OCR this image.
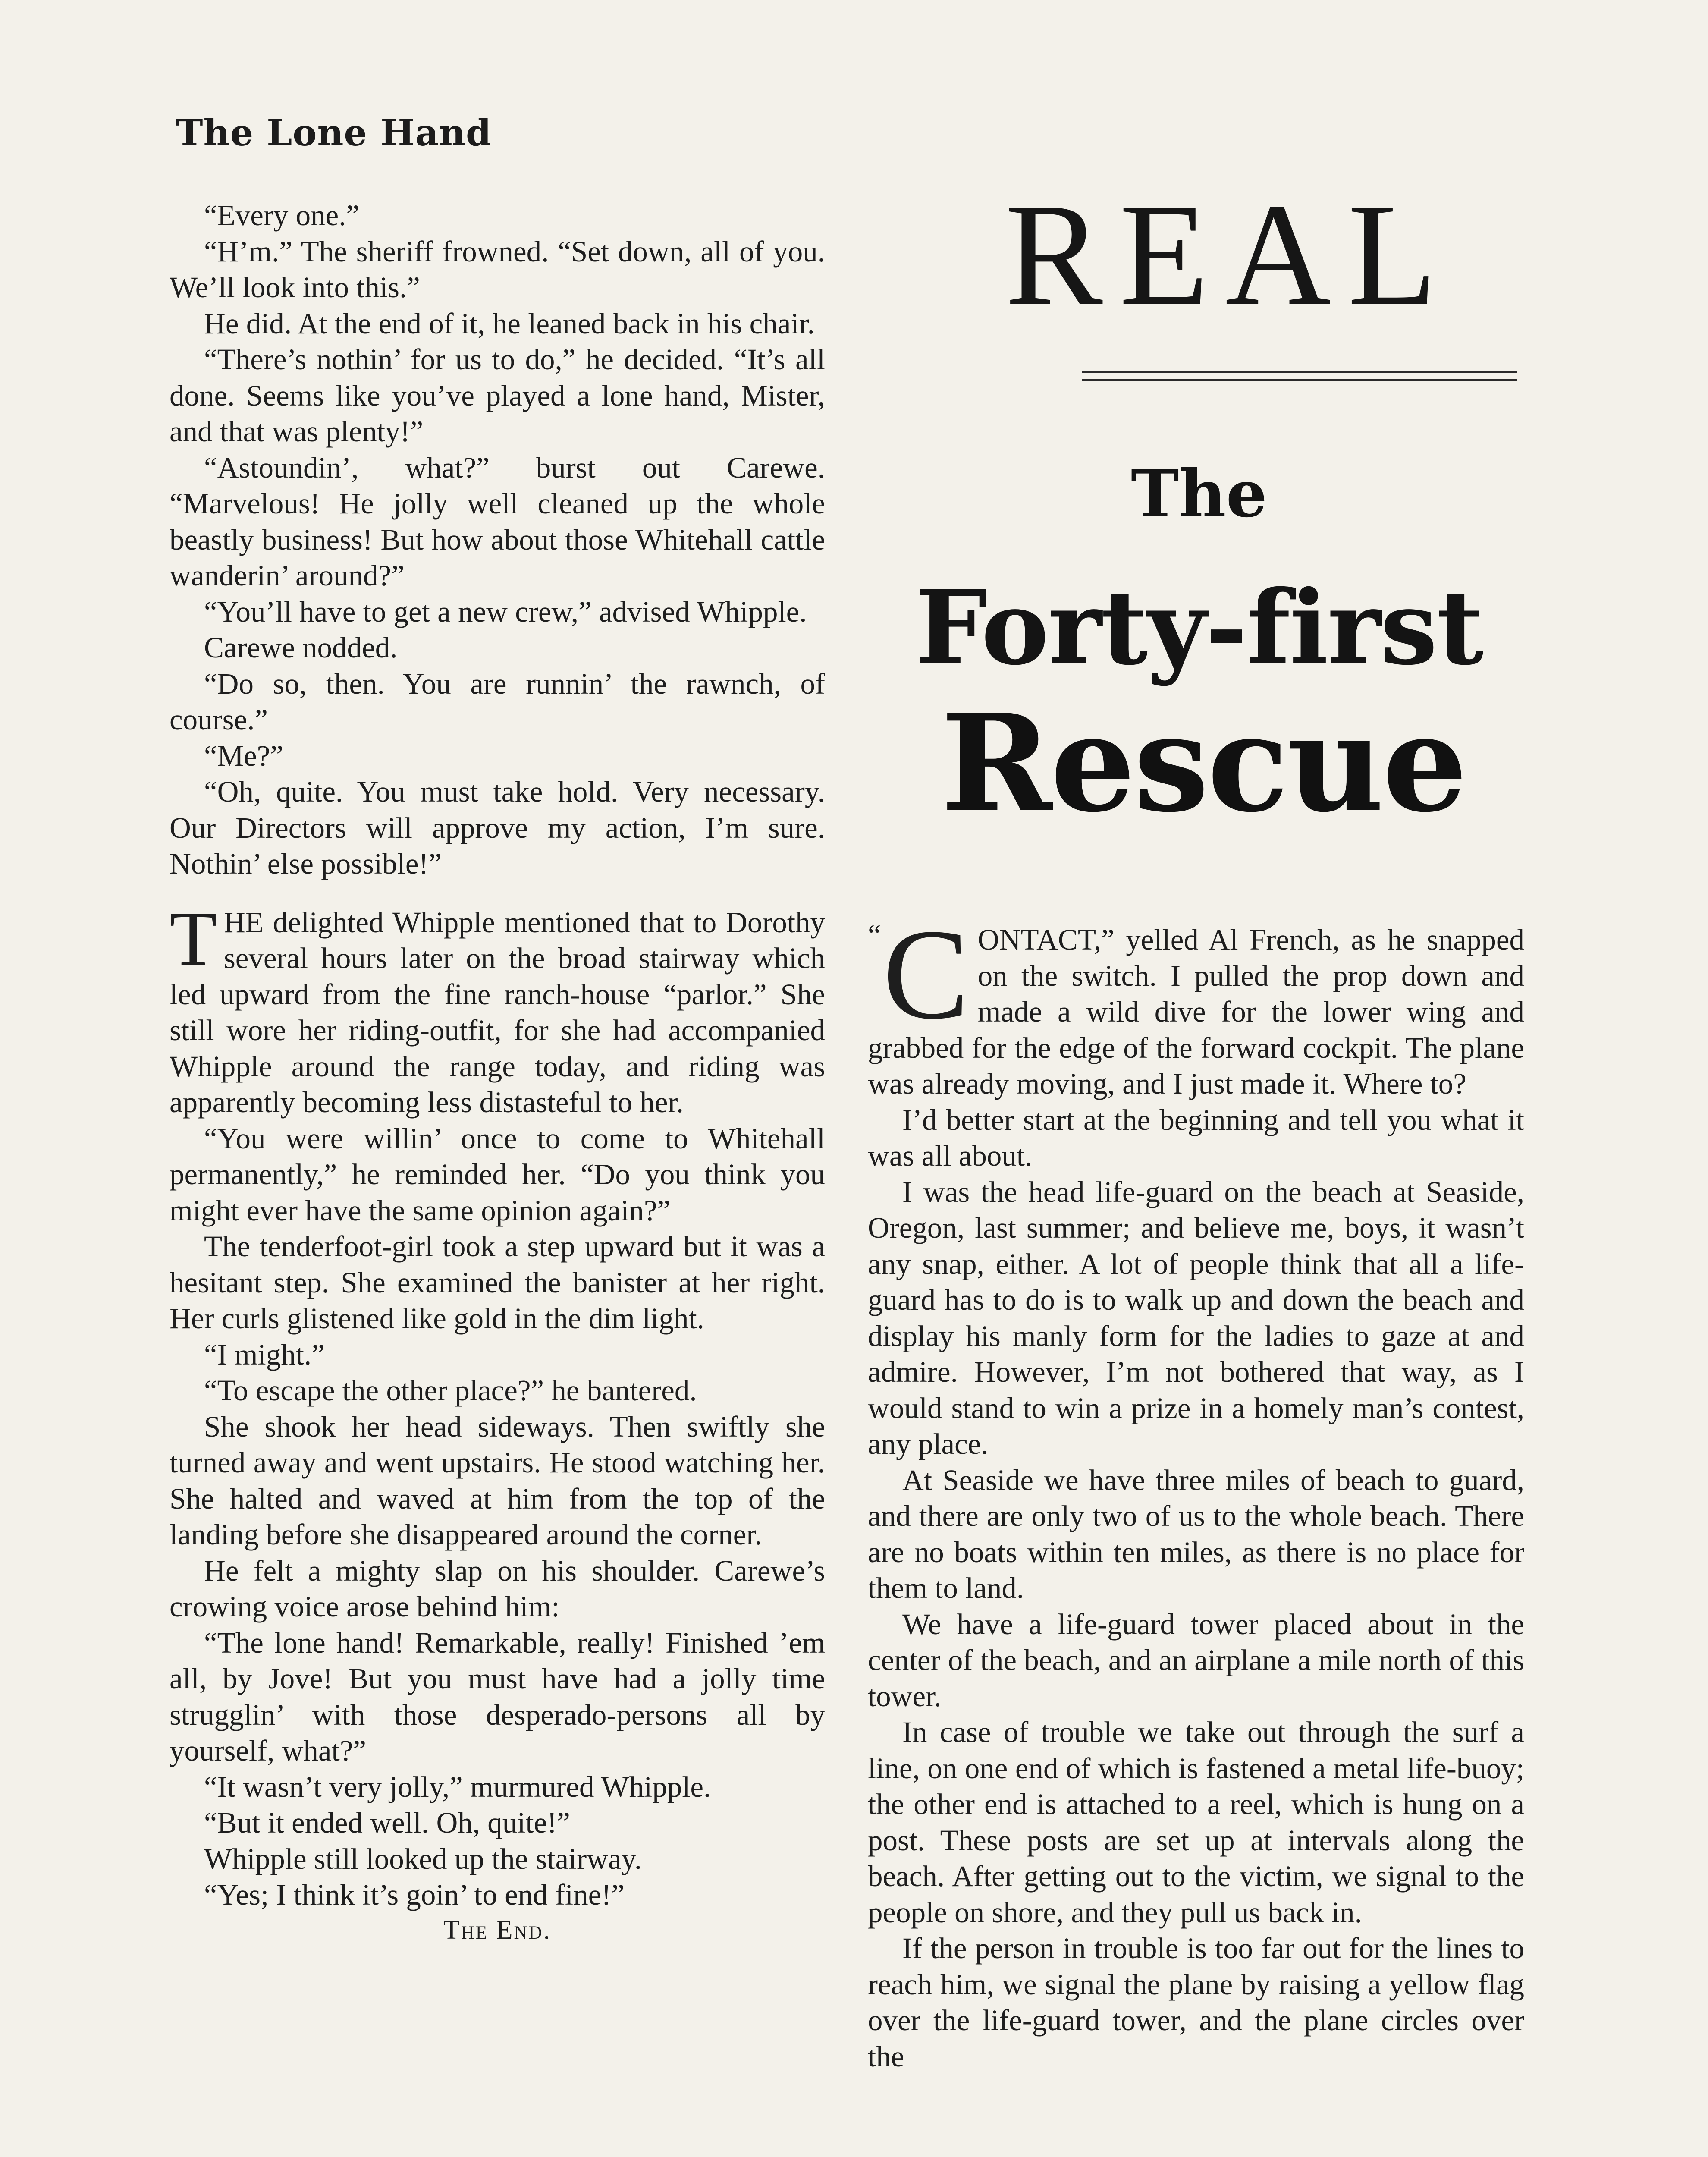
The Lone Hand

“Every one.”

“H’m.” The sheriff frowned. “Set down, all of you. We’ll look into this.”

He did. At the end of it, he leaned back in his chair.

“There’s nothin’ for us to do,” he decided. “It’s all done. Seems like you’ve played a lone hand, Mister, and that was plenty!”

“Astoundin’, what?” burst out Carewe. “Marvelous! He jolly well cleaned up the whole beastly business! But how about those Whitehall cattle wanderin’ around?”

“You’ll have to get a new crew,” advised Whipple.

Carewe nodded.

“Do so, then. You are runnin’ the rawnch, of course.”

“Me?”

“Oh, quite. You must take hold. Very necessary. Our Directors will approve my action, I’m sure. Nothin’ else possible!”

THE delighted Whipple mentioned that to Dorothy several hours later on the broad stairway which led upward from the fine ranch-house “parlor.” She still wore her riding-outfit, for she had accompanied Whipple around the range today, and riding was apparently becoming less distasteful to her.

“You were willin’ once to come to Whitehall permanently,” he reminded her. “Do you think you might ever have the same opinion again?”

The tenderfoot-girl took a step upward but it was a hesitant step. She examined the banister at her right. Her curls glistened like gold in the dim light.

“I might.”

“To escape the other place?” he bantered.

She shook her head sideways. Then swiftly she turned away and went upstairs. He stood watching her. She halted and waved at him from the top of the landing before she disappeared around the corner.

He felt a mighty slap on his shoulder. Carewe’s crowing voice arose behind him:

“The lone hand! Remarkable, really! Finished ’em all, by Jove! But you must have had a jolly time strugglin’ with those desperado-persons all by yourself, what?”

“It wasn’t very jolly,” murmured Whipple.

“But it ended well. Oh, quite!”

Whipple still looked up the stairway.

“Yes; I think it’s goin’ to end fine!”

The End.
REAL
The
Forty-first
Rescue

“ C ONTACT,” yelled Al French, as he snapped on the switch. I pulled the prop down and made a wild dive for the lower wing and grabbed for the edge of the forward cockpit. The plane was already moving, and I just made it. Where to?

I’d better start at the beginning and tell you what it was all about.

I was the head life-guard on the beach at Seaside, Oregon, last summer; and believe me, boys, it wasn’t any snap, either. A lot of people think that all a life-guard has to do is to walk up and down the beach and display his manly form for the ladies to gaze at and admire. However, I’m not bothered that way, as I would stand to win a prize in a homely man’s contest, any place.

At Seaside we have three miles of beach to guard, and there are only two of us to the whole beach. There are no boats within ten miles, as there is no place for them to land.

We have a life-guard tower placed about in the center of the beach, and an airplane a mile north of this tower.

In case of trouble we take out through the surf a line, on one end of which is fastened a metal life-buoy; the other end is attached to a reel, which is hung on a post. These posts are set up at intervals along the beach. After getting out to the victim, we signal to the people on shore, and they pull us back in.

If the person in trouble is too far out for the lines to reach him, we signal the plane by raising a yellow flag over the life-guard tower, and the plane circles over the
